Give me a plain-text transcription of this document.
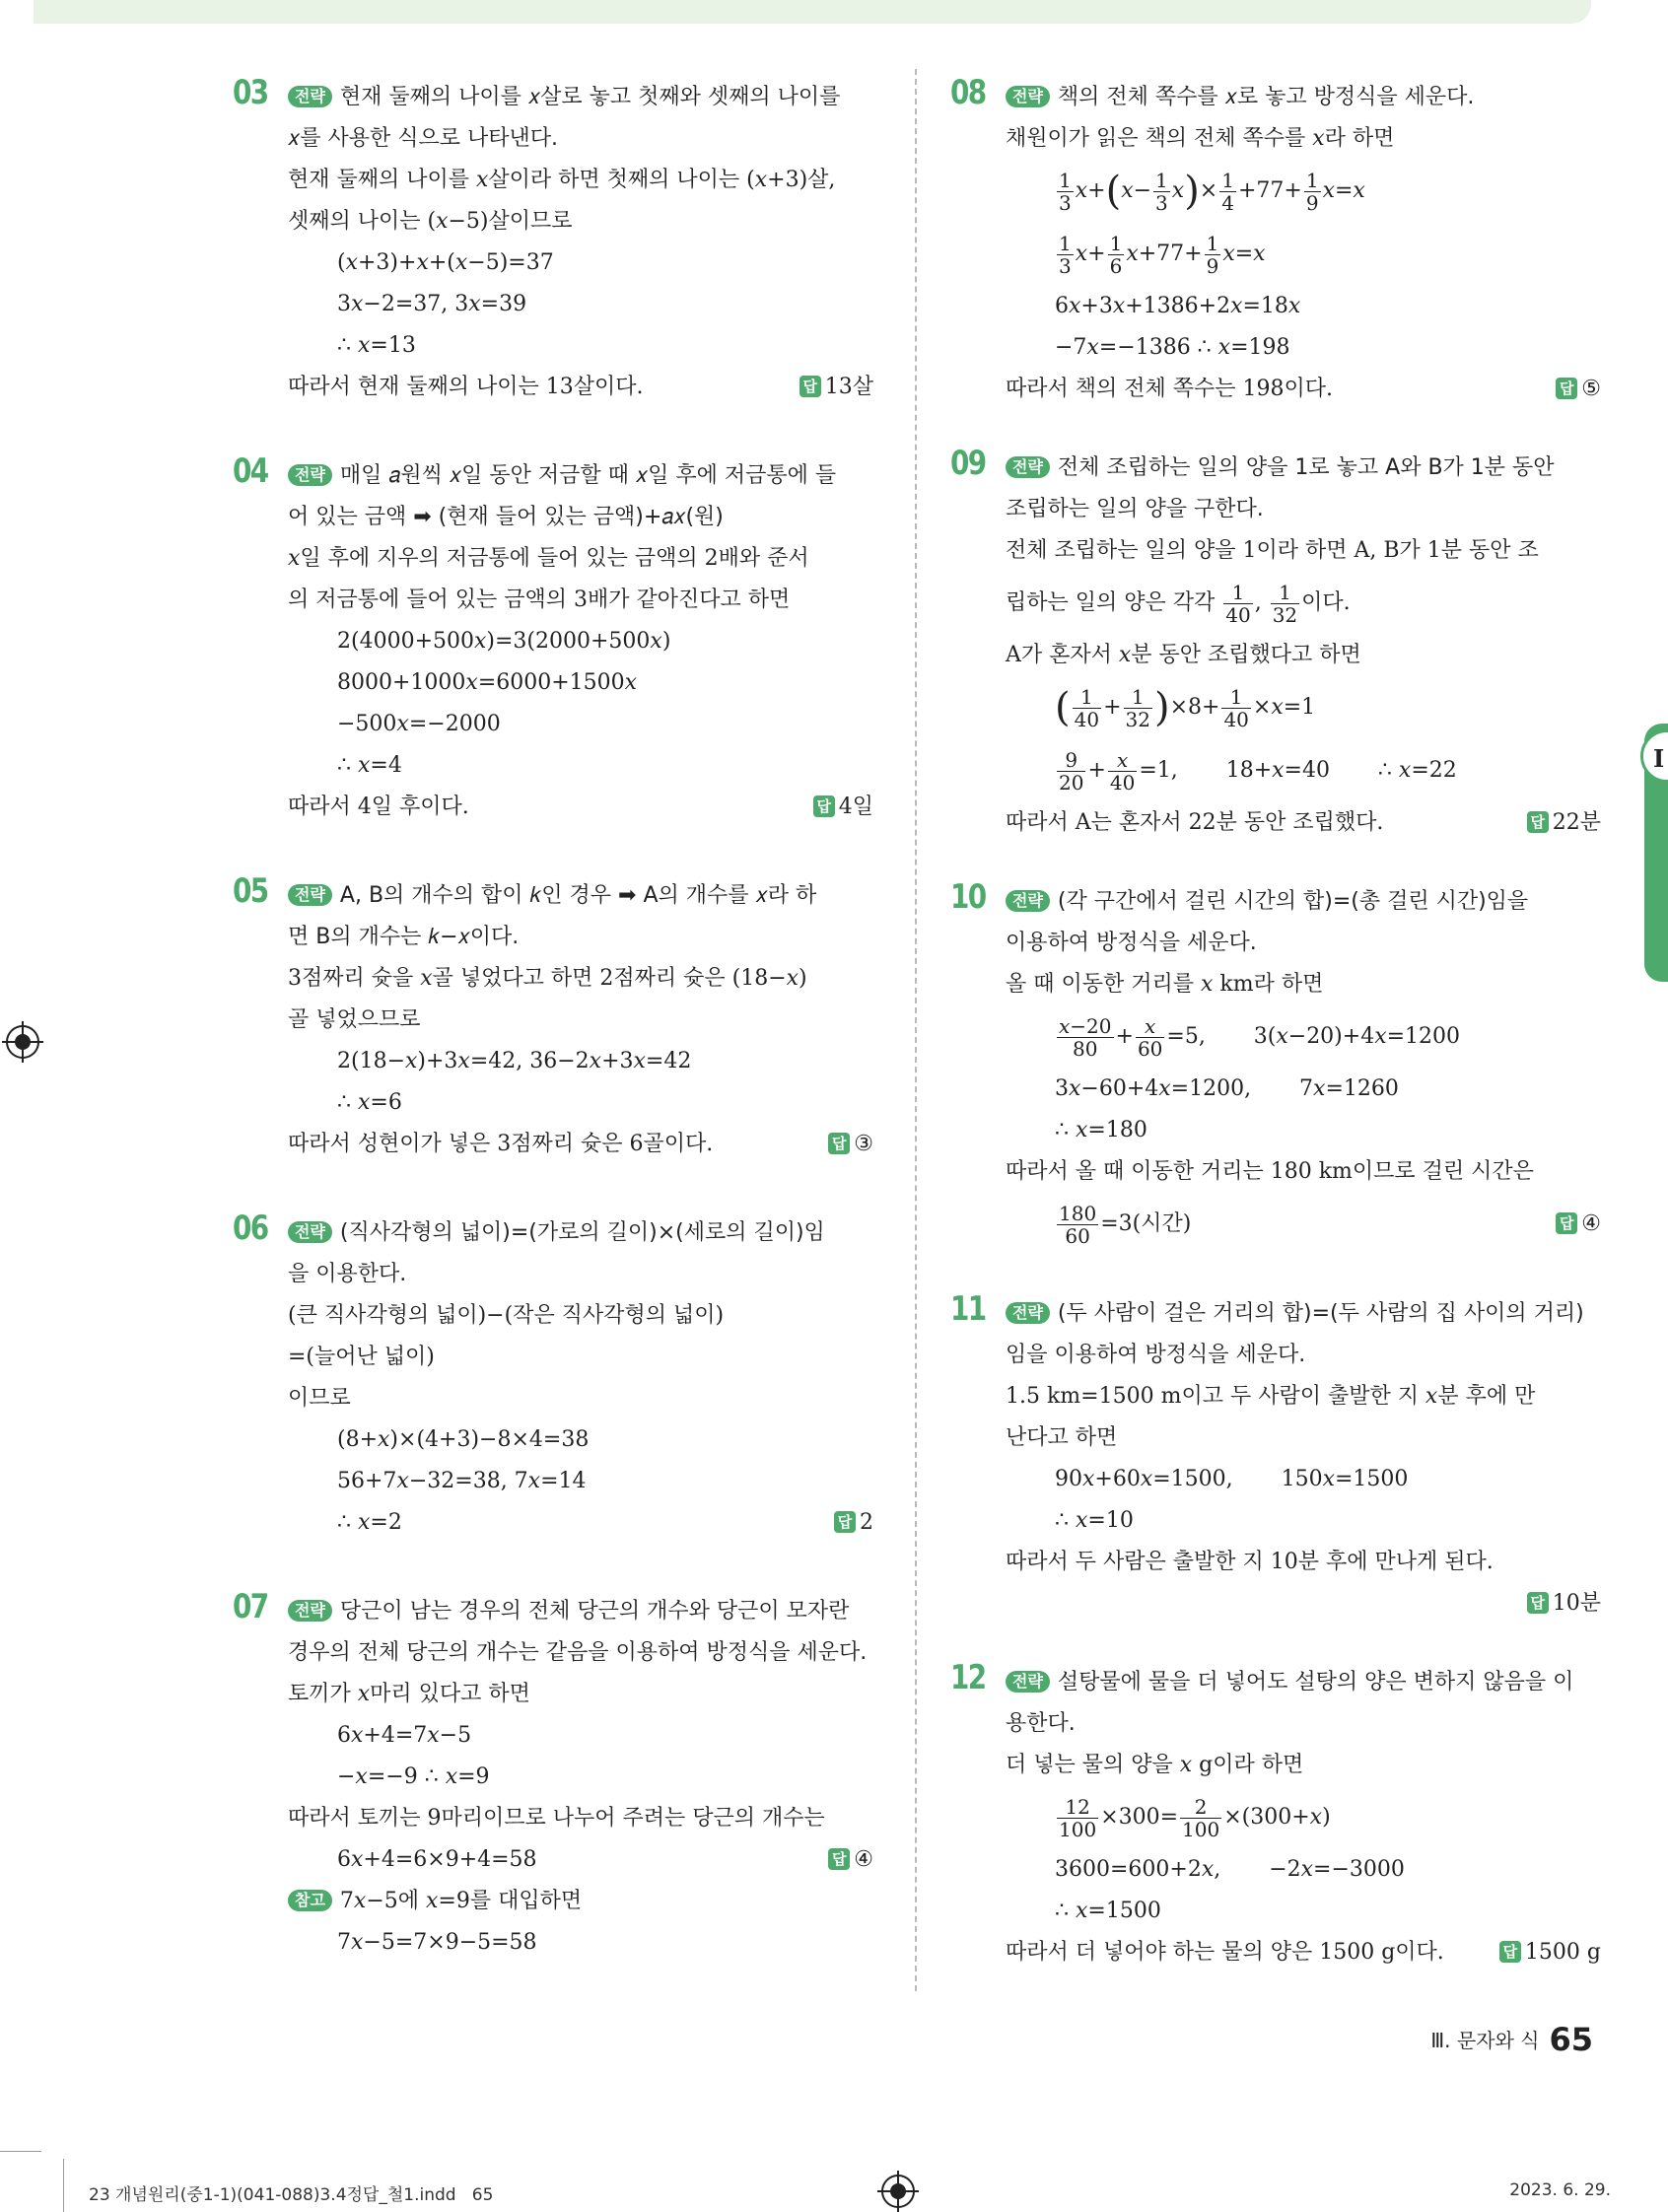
03	전략 현재 둘째의 나이를 𝑥살로 놓고 첫째와 셋째의 나이를
𝑥를 사용한 식으로 나타낸다.
현재 둘째의 나이를 𝑥살이라 하면 첫째의 나이는 (𝑥+3)살,
셋째의 나이는 (𝑥−5)살이므로
(𝑥+3)+𝑥+(𝑥−5)=37
3𝑥−2=37, 3𝑥=39
∴ 𝑥=13
따라서 현재 둘째의 나이는 13살이다.	답 13살
04	전략 매일 𝑎원씩 𝑥일 동안 저금할 때 𝑥일 후에 저금통에 들
어 있는 금액 ➡ (현재 들어 있는 금액)+𝑎𝑥(원)
𝑥일 후에 지우의 저금통에 들어 있는 금액의 2배와 준서
의 저금통에 들어 있는 금액의 3배가 같아진다고 하면
2(4000+500𝑥)=3(2000+500𝑥)
8000+1000𝑥=6000+1500𝑥
−500𝑥=−2000
∴ 𝑥=4
따라서 4일 후이다.	답 4일
05	전략 A, B의 개수의 합이 𝑘인 경우 ➡ A의 개수를 𝑥라 하
면 B의 개수는 𝑘−𝑥이다.
3점짜리 슛을 𝑥골 넣었다고 하면 2점짜리 슛은 (18−𝑥)
골 넣었으므로
2(18−𝑥)+3𝑥=42, 36−2𝑥+3𝑥=42
∴ 𝑥=6
따라서 성현이가 넣은 3점짜리 슛은 6골이다.	답 ③
06	전략 (직사각형의 넓이)=(가로의 길이)×(세로의 길이)임
을 이용한다.
(큰 직사각형의 넓이)−(작은 직사각형의 넓이)
=(늘어난 넓이)
이므로
(8+𝑥)×(4+3)−8×4=38
56+7𝑥−32=38, 7𝑥=14
∴ 𝑥=2	답 2
07	전략 당근이 남는 경우의 전체 당근의 개수와 당근이 모자란
경우의 전체 당근의 개수는 같음을 이용하여 방정식을 세운다.
토끼가 𝑥마리 있다고 하면
6𝑥+4=7𝑥−5
−𝑥=−9 ∴ 𝑥=9
따라서 토끼는 9마리이므로 나누어 주려는 당근의 개수는
6𝑥+4=6×9+4=58	답 ④
참고 7𝑥−5에 𝑥=9를 대입하면
7𝑥−5=7×9−5=58
08	전략 책의 전체 쪽수를 𝑥로 놓고 방정식을 세운다.
채원이가 읽은 책의 전체 쪽수를 𝑥라 하면
$\frac{1}{3}$ 𝑥+(𝑥− $\frac{1}{3}$ 𝑥)× $\frac{1}{4} +77+ \frac{1}{9}$ 𝑥=𝑥
$\frac{1}{3}$ 𝑥+ $\frac{1}{6}$ 𝑥+77+ $\frac{1}{9}$ 𝑥=𝑥
6𝑥+3𝑥+1386+2𝑥=18𝑥
−7𝑥=−1386 ∴ 𝑥=198
따라서 책의 전체 쪽수는 198이다.	답 ⑤
09	전략 전체 조립하는 일의 양을 1로 놓고 A와 B가 1분 동안
조립하는 일의 양을 구한다.
전체 조립하는 일의 양을 1이라 하면 A, B가 1분 동안 조
립하는 일의 양은 각각 $\frac{1}{40}$ , $\frac{1}{32}$ 이다.
A가 혼자서 𝑥분 동안 조립했다고 하면
( $\frac{1}{40} + \frac{1}{32} )\times 8+ \frac{1}{40}$ ×𝑥=1
$\frac{9}{20} + \frac{\text{𝑥}}{40} =1$,       18+𝑥=40       ∴ 𝑥=22
따라서 A는 혼자서 22분 동안 조립했다.	답 22분
10	전략 (각 구간에서 걸린 시간의 합)=(총 걸린 시간)임을
이용하여 방정식을 세운다.
올 때 이동한 거리를 𝑥 km라 하면
$\frac{\text{𝑥−20}}{80} + \frac{\text{𝑥}}{60} =5$,       3(𝑥−20)+4𝑥=1200
3𝑥−60+4𝑥=1200,       7𝑥=1260
∴ 𝑥=180
따라서 올 때 이동한 거리는 180 km이므로 걸린 시간은
$\frac{180}{60} =3$(시간)	답 ④
11	전략 (두 사람이 걸은 거리의 합)=(두 사람의 집 사이의 거리)
임을 이용하여 방정식을 세운다.
1.5 km=1500 m이고 두 사람이 출발한 지 𝑥분 후에 만
난다고 하면
90𝑥+60𝑥=1500,       150𝑥=1500
∴ 𝑥=10
따라서 두 사람은 출발한 지 10분 후에 만나게 된다.
답 10분

12	전략 설탕물에 물을 더 넣어도 설탕의 양은 변하지 않음을 이
용한다.
더 넣는 물의 양을 𝑥 g이라 하면
$\frac{12}{100} \times 300= \frac{2}{100}$ ×(300+𝑥)
3600=600+2𝑥,       −2𝑥=−3000
∴ 𝑥=1500
따라서 더 넣어야 하는 물의 양은 1500 g이다.	답 1500 g
I
Ⅲ. 문자와 식 65
23 개념원리(중1-1)(041-088)3.4정답_철1.indd   65	2023. 6. 29.
